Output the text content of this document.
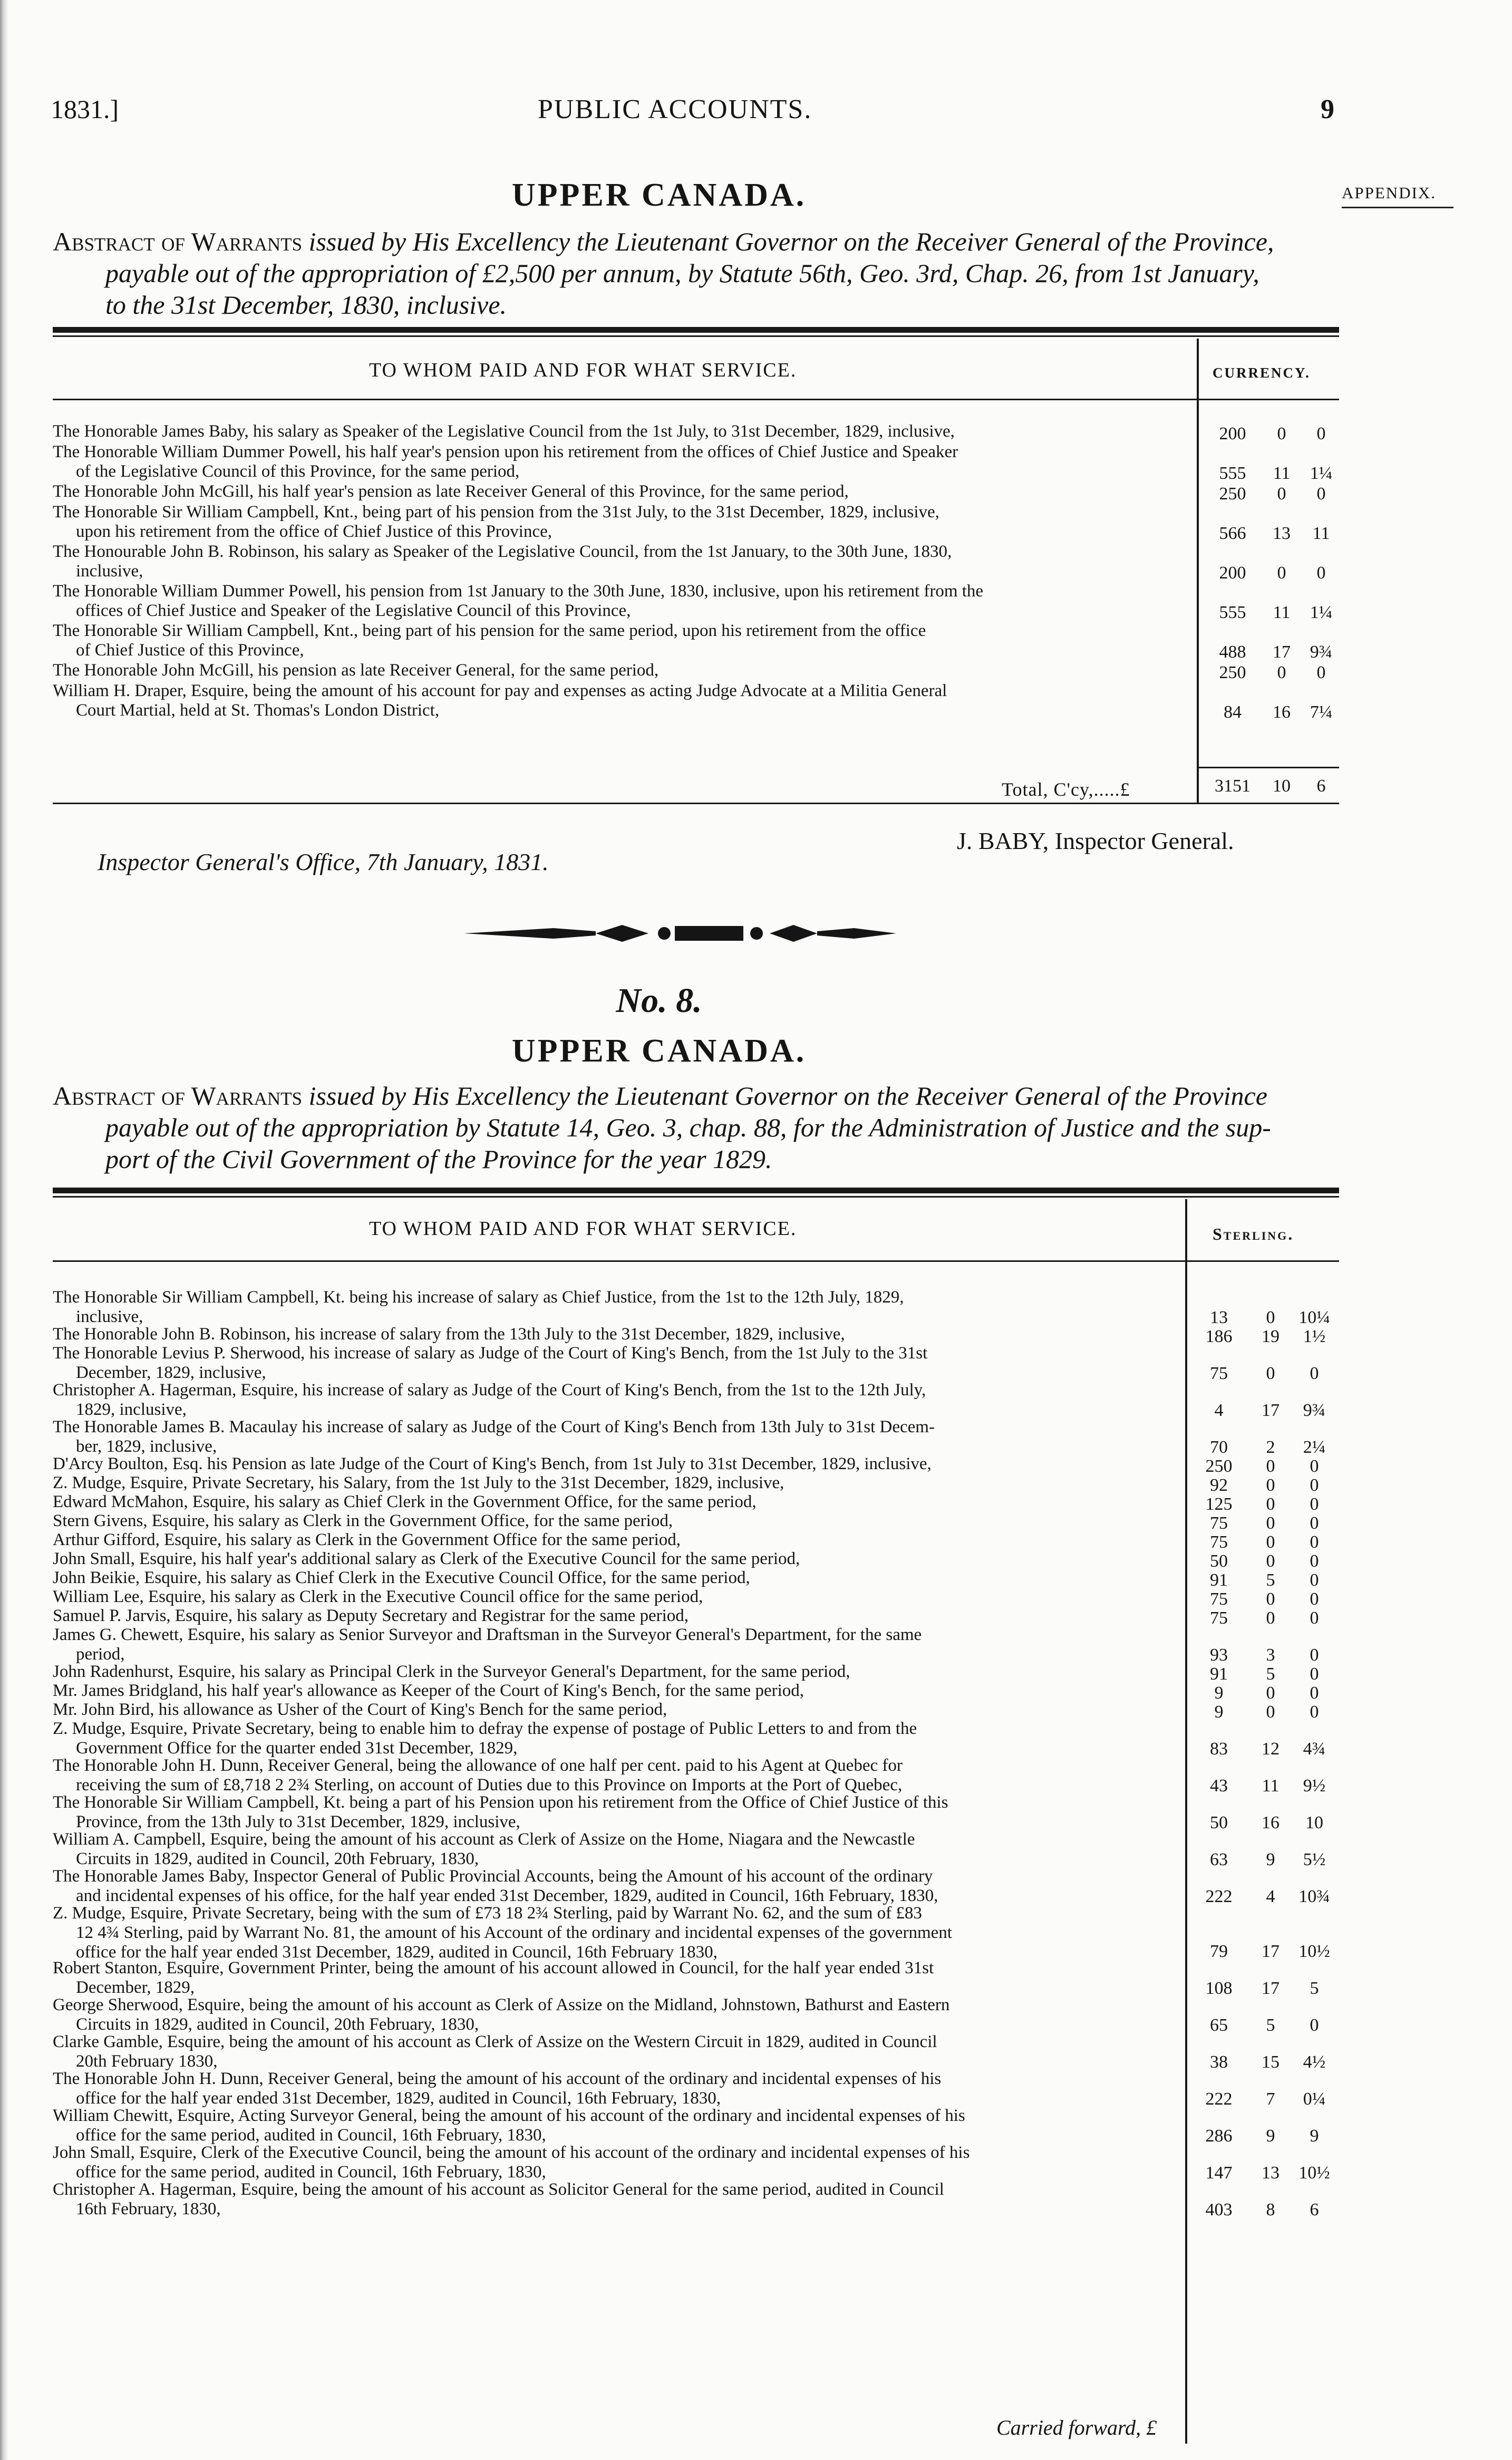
1831.]	PUBLIC ACCOUNTS.	9
APPENDIX.
UPPER CANADA.

Abstract of Warrants issued by His Excellency the Lieutenant Governor on the Receiver General of the Province,

payable out of the appropriation of £2,500 per annum, by Statute 56th, Geo. 3rd, Chap. 26, from 1st January,

to the 31st December, 1830, inclusive.

TO WHOM PAID AND FOR WHAT SERVICE.	CURRENCY.
The Honorable James Baby, his salary as Speaker of the Legislative Council from the 1st July, to 31st December, 1829, inclusive,	200	0	0
The Honorable William Dummer Powell, his half year's pension upon his retirement from the offices of Chief Justice and Speaker
of the Legislative Council of this Province, for the same period,	555	11	1¼
The Honorable John McGill, his half year's pension as late Receiver General of this Province, for the same period,	250	0	0
The Honorable Sir William Campbell, Knt., being part of his pension from the 31st July, to the 31st December, 1829, inclusive,
upon his retirement from the office of Chief Justice of this Province,	566	13	11
The Honourable John B. Robinson, his salary as Speaker of the Legislative Council, from the 1st January, to the 30th June, 1830,
inclusive,	200	0	0
The Honorable William Dummer Powell, his pension from 1st January to the 30th June, 1830, inclusive, upon his retirement from the
offices of Chief Justice and Speaker of the Legislative Council of this Province,	555	11	1¼
The Honorable Sir William Campbell, Knt., being part of his pension for the same period, upon his retirement from the office
of Chief Justice of this Province,	488	17	9¾
The Honorable John McGill, his pension as late Receiver General, for the same period,	250	0	0
William H. Draper, Esquire, being the amount of his account for pay and expenses as acting Judge Advocate at a Militia General
Court Martial, held at St. Thomas's London District,	84	16	7¼
Total, C'cy,.....£	3151	10	6
J. BABY, Inspector General.
Inspector General's Office, 7th January, 1831.
No. 8.
UPPER CANADA.

Abstract of Warrants issued by His Excellency the Lieutenant Governor on the Receiver General of the Province

payable out of the appropriation by Statute 14, Geo. 3, chap. 88, for the Administration of Justice and the sup-

port of the Civil Government of the Province for the year 1829.

TO WHOM PAID AND FOR WHAT SERVICE.	Sterling.
The Honorable Sir William Campbell, Kt. being his increase of salary as Chief Justice, from the 1st to the 12th July, 1829,
inclusive,	13	0	10¼
The Honorable John B. Robinson, his increase of salary from the 13th July to the 31st December, 1829, inclusive,	186	19	1½
The Honorable Levius P. Sherwood, his increase of salary as Judge of the Court of King's Bench, from the 1st July to the 31st
December, 1829, inclusive,	75	0	0
Christopher A. Hagerman, Esquire, his increase of salary as Judge of the Court of King's Bench, from the 1st to the 12th July,
1829, inclusive,	4	17	9¾
The Honorable James B. Macaulay his increase of salary as Judge of the Court of King's Bench from 13th July to 31st Decem-
ber, 1829, inclusive,	70	2	2¼
D'Arcy Boulton, Esq. his Pension as late Judge of the Court of King's Bench, from 1st July to 31st December, 1829, inclusive,	250	0	0
Z. Mudge, Esquire, Private Secretary, his Salary, from the 1st July to the 31st December, 1829, inclusive,	92	0	0
Edward McMahon, Esquire, his salary as Chief Clerk in the Government Office, for the same period,	125	0	0
Stern Givens, Esquire, his salary as Clerk in the Government Office, for the same period,	75	0	0
Arthur Gifford, Esquire, his salary as Clerk in the Government Office for the same period,	75	0	0
John Small, Esquire, his half year's additional salary as Clerk of the Executive Council for the same period,	50	0	0
John Beikie, Esquire, his salary as Chief Clerk in the Executive Council Office, for the same period,	91	5	0
William Lee, Esquire, his salary as Clerk in the Executive Council office for the same period,	75	0	0
Samuel P. Jarvis, Esquire, his salary as Deputy Secretary and Registrar for the same period,	75	0	0
James G. Chewett, Esquire, his salary as Senior Surveyor and Draftsman in the Surveyor General's Department, for the same
period,	93	3	0
John Radenhurst, Esquire, his salary as Principal Clerk in the Surveyor General's Department, for the same period,	91	5	0
Mr. James Bridgland, his half year's allowance as Keeper of the Court of King's Bench, for the same period,	9	0	0
Mr. John Bird, his allowance as Usher of the Court of King's Bench for the same period,	9	0	0
Z. Mudge, Esquire, Private Secretary, being to enable him to defray the expense of postage of Public Letters to and from the
Government Office for the quarter ended 31st December, 1829,	83	12	4¾
The Honorable John H. Dunn, Receiver General, being the allowance of one half per cent. paid to his Agent at Quebec for
receiving the sum of £8,718 2 2¾ Sterling, on account of Duties due to this Province on Imports at the Port of Quebec,	43	11	9½
The Honorable Sir William Campbell, Kt. being a part of his Pension upon his retirement from the Office of Chief Justice of this
Province, from the 13th July to 31st December, 1829, inclusive,	50	16	10
William A. Campbell, Esquire, being the amount of his account as Clerk of Assize on the Home, Niagara and the Newcastle
Circuits in 1829, audited in Council, 20th February, 1830,	63	9	5½
The Honorable James Baby, Inspector General of Public Provincial Accounts, being the Amount of his account of the ordinary
and incidental expenses of his office, for the half year ended 31st December, 1829, audited in Council, 16th February, 1830,	222	4	10¾
Z. Mudge, Esquire, Private Secretary, being with the sum of £73 18 2¾ Sterling, paid by Warrant No. 62, and the sum of £83
12 4¾ Sterling, paid by Warrant No. 81, the amount of his Account of the ordinary and incidental expenses of the government
office for the half year ended 31st December, 1829, audited in Council, 16th February 1830,	79	17	10½
Robert Stanton, Esquire, Government Printer, being the amount of his account allowed in Council, for the half year ended 31st
December, 1829,	108	17	5
George Sherwood, Esquire, being the amount of his account as Clerk of Assize on the Midland, Johnstown, Bathurst and Eastern
Circuits in 1829, audited in Council, 20th February, 1830,	65	5	0
Clarke Gamble, Esquire, being the amount of his account as Clerk of Assize on the Western Circuit in 1829, audited in Council
20th February 1830,	38	15	4½
The Honorable John H. Dunn, Receiver General, being the amount of his account of the ordinary and incidental expenses of his
office for the half year ended 31st December, 1829, audited in Council, 16th February, 1830,	222	7	0¼
William Chewitt, Esquire, Acting Surveyor General, being the amount of his account of the ordinary and incidental expenses of his
office for the same period, audited in Council, 16th February, 1830,	286	9	9
John Small, Esquire, Clerk of the Executive Council, being the amount of his account of the ordinary and incidental expenses of his
office for the same period, audited in Council, 16th February, 1830,	147	13	10½
Christopher A. Hagerman, Esquire, being the amount of his account as Solicitor General for the same period, audited in Council
16th February, 1830,	403	8	6
Carried forward, £
